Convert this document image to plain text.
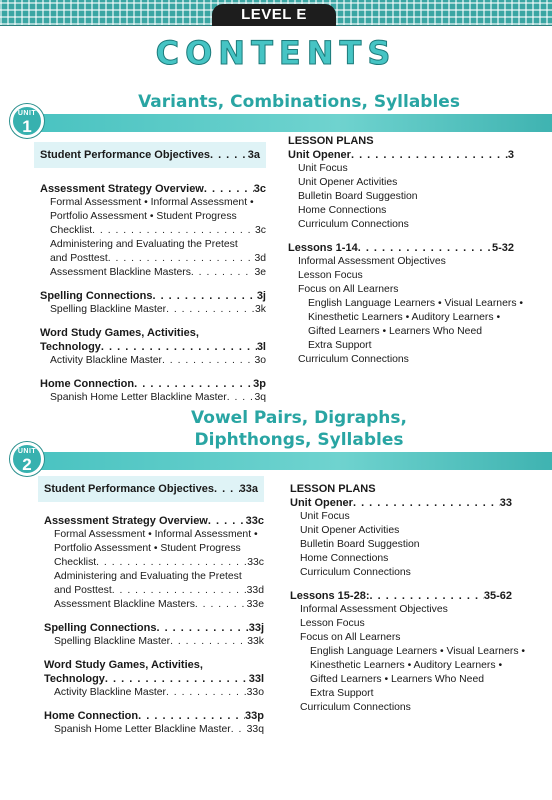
LEVEL E
CONTENTS
Variants, Combinations, Syllables
UNIT
1
Student Performance Objectives . . .	3a
Assessment Strategy Overview . . .	3c
Formal Assessment • Informal Assessment •
Portfolio Assessment • Student Progress
Checklist . . .	3c
Administering and Evaluating the Pretest
and Posttest . . .	3d
Assessment Blackline Masters . . .	3e
Spelling Connections . . .	3j
Spelling Blackline Master . . .	3k
Word Study Games, Activities,
Technology . . .	3l
Activity Blackline Master . . .	3o
Home Connection . . .	3p
Spanish Home Letter Blackline Master . . .	3q
LESSON PLANS
Unit Opener . . .	3
Unit Focus
Unit Opener Activities
Bulletin Board Suggestion
Home Connections
Curriculum Connections
Lessons 1-14 . . .	5-32
Informal Assessment Objectives
Lesson Focus
Focus on All Learners
English Language Learners • Visual Learners •
Kinesthetic Learners • Auditory Learners •
Gifted Learners • Learners Who Need
Extra Support
Curriculum Connections
Vowel Pairs, Digraphs,
Diphthongs, Syllables
UNIT
2
Student Performance Objectives . . . 33a
Assessment Strategy Overview . . .	33c
Formal Assessment • Informal Assessment •
Portfolio Assessment • Student Progress
Checklist . . .	33c
Administering and Evaluating the Pretest
and Posttest . . .	33d
Assessment Blackline Masters . . .	33e
Spelling Connections . . .	33j
Spelling Blackline Master . . .	33k
Word Study Games, Activities,
Technology . . .	33l
Activity Blackline Master . . .	33o
Home Connection . . .	33p
Spanish Home Letter Blackline Master . . . 33q
LESSON PLANS
Unit Opener . . .	33
Unit Focus
Unit Opener Activities
Bulletin Board Suggestion
Home Connections
Curriculum Connections
Lessons 15-28: . . .	35-62
Informal Assessment Objectives
Lesson Focus
Focus on All Learners
English Language Learners • Visual Learners •
Kinesthetic Learners • Auditory Learners •
Gifted Learners • Learners Who Need
Extra Support
Curriculum Connections
